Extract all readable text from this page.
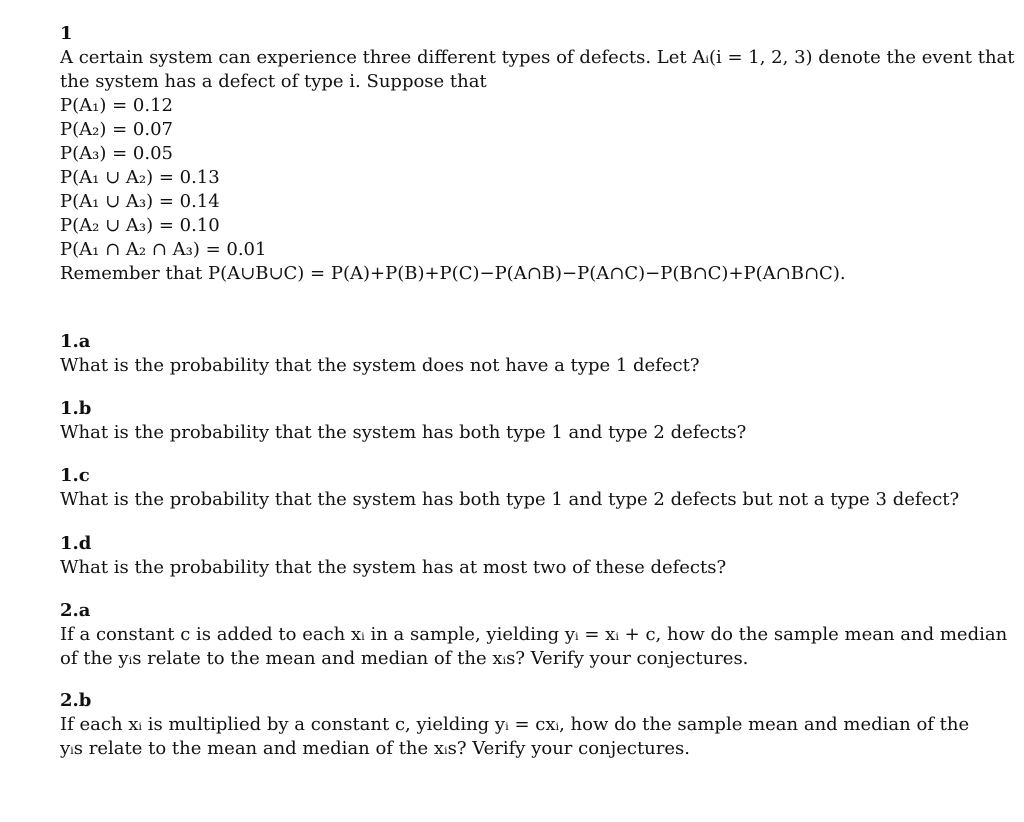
1
A certain system can experience three different types of defects. Let Aᵢ(i = 1, 2, 3) denote the event that
the system has a defect of type i. Suppose that
P(A₁) = 0.12
P(A₂) = 0.07
P(A₃) = 0.05
P(A₁ ∪ A₂) = 0.13
P(A₁ ∪ A₃) = 0.14
P(A₂ ∪ A₃) = 0.10
P(A₁ ∩ A₂ ∩ A₃) = 0.01
Remember that P(A∪B∪C) = P(A)+P(B)+P(C)−P(A∩B)−P(A∩C)−P(B∩C)+P(A∩B∩C).
1.a
What is the probability that the system does not have a type 1 defect?
1.b
What is the probability that the system has both type 1 and type 2 defects?
1.c
What is the probability that the system has both type 1 and type 2 defects but not a type 3 defect?
1.d
What is the probability that the system has at most two of these defects?
2.a
If a constant c is added to each xᵢ in a sample, yielding yᵢ = xᵢ + c, how do the sample mean and median
of the yᵢs relate to the mean and median of the xᵢs? Verify your conjectures.
2.b
If each xᵢ is multiplied by a constant c, yielding yᵢ = cxᵢ, how do the sample mean and median of the
yᵢs relate to the mean and median of the xᵢs? Verify your conjectures.
